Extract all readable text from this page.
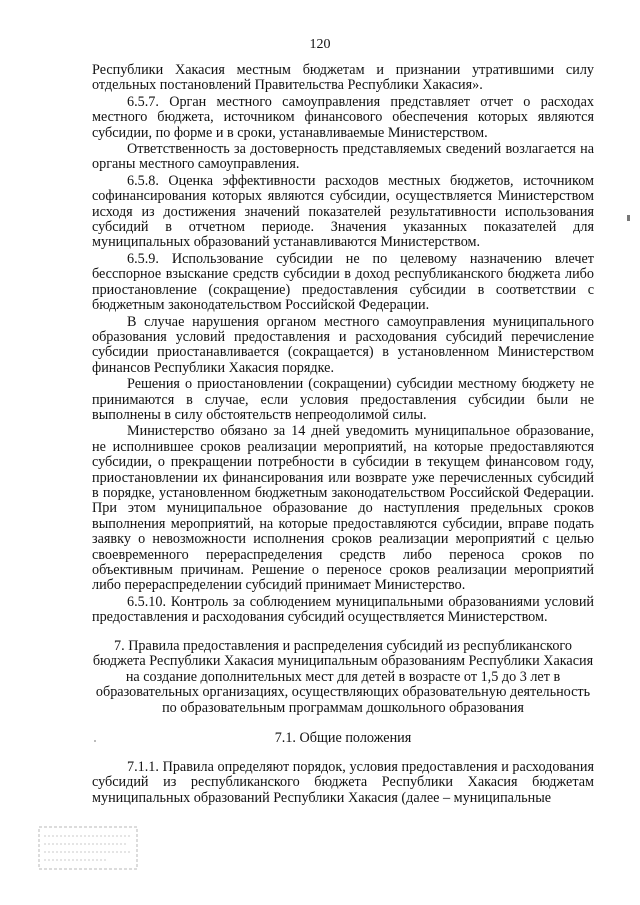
120

Республики Хакасия местным бюджетам и признании утратившими силу отдельных постановлений Правительства Республики Хакасия».

6.5.7. Орган местного самоуправления представляет отчет о расходах местного бюджета, источником финансового обеспечения которых являются субсидии, по форме и в сроки, устанавливаемые Министерством.

Ответственность за достоверность представляемых сведений возлагается на органы местного самоуправления.

6.5.8. Оценка эффективности расходов местных бюджетов, источником софинансирования которых являются субсидии, осуществляется Министерством исходя из достижения значений показателей результативности использования субсидий в отчетном периоде. Значения указанных показателей для муниципальных образований устанавливаются Министерством.

6.5.9. Использование субсидии не по целевому назначению влечет бесспорное взыскание средств субсидии в доход республиканского бюджета либо приостановление (сокращение) предоставления субсидии в соответствии с бюджетным законодательством Российской Федерации.

В случае нарушения органом местного самоуправления муниципального образования условий предоставления и расходования субсидий перечисление субсидии приостанавливается (сокращается) в установленном Министерством финансов Республики Хакасия порядке.

Решения о приостановлении (сокращении) субсидии местному бюджету не принимаются в случае, если условия предоставления субсидии были не выполнены в силу обстоятельств непреодолимой силы.

Министерство обязано за 14 дней уведомить муниципальное образование, не исполнившее сроков реализации мероприятий, на которые предоставляются субсидии, о прекращении потребности в субсидии в текущем финансовом году, приостановлении их финансирования или возврате уже перечисленных субсидий в порядке, установленном бюджетным законодательством Российской Федерации. При этом муниципальное образование до наступления предельных сроков выполнения мероприятий, на которые предоставляются субсидии, вправе подать заявку о невозможности исполнения сроков реализации мероприятий с целью своевременного перераспределения средств либо переноса сроков по объективным причинам. Решение о переносе сроков реализации мероприятий либо перераспределении субсидий принимает Министерство.

6.5.10. Контроль за соблюдением муниципальными образованиями условий предоставления и расходования субсидий осуществляется Министерством.

7. Правила предоставления и распределения субсидий из республиканского
бюджета Республики Хакасия муниципальным образованиям Республики Хакасия
на создание дополнительных мест для детей в возрасте от 1,5 до 3 лет в
образовательных организациях, осуществляющих образовательную деятельность
по образовательным программам дошкольного образования
7.1. Общие положения

7.1.1. Правила определяют порядок, условия предоставления и расходования субсидий из республиканского бюджета Республики Хакасия бюджетам муниципальных образований Республики Хакасия (далее – муниципальные
